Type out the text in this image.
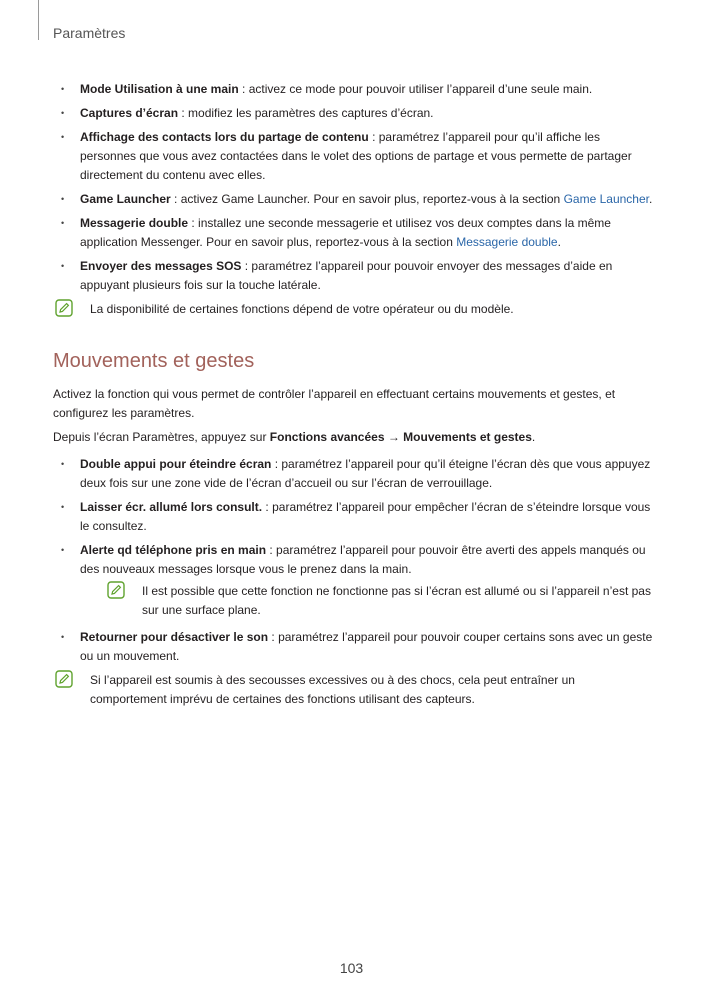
Paramètres
• Mode Utilisation à une main : activez ce mode pour pouvoir utiliser l’appareil d’une seule main.
• Captures d’écran : modifiez les paramètres des captures d’écran.
• Affichage des contacts lors du partage de contenu : paramétrez l’appareil pour qu’il affiche les personnes que vous avez contactées dans le volet des options de partage et vous permette de partager directement du contenu avec elles.
• Game Launcher : activez Game Launcher. Pour en savoir plus, reportez-vous à la section Game Launcher.
• Messagerie double : installez une seconde messagerie et utilisez vos deux comptes dans la même application Messenger. Pour en savoir plus, reportez-vous à la section Messagerie double.
• Envoyer des messages SOS : paramétrez l’appareil pour pouvoir envoyer des messages d’aide en appuyant plusieurs fois sur la touche latérale.
La disponibilité de certaines fonctions dépend de votre opérateur ou du modèle.
Mouvements et gestes

Activez la fonction qui vous permet de contrôler l’appareil en effectuant certains mouvements et gestes, et configurez les paramètres.

Depuis l’écran Paramètres, appuyez sur Fonctions avancées → Mouvements et gestes.

• Double appui pour éteindre écran : paramétrez l’appareil pour qu’il éteigne l’écran dès que vous appuyez deux fois sur une zone vide de l’écran d’accueil ou sur l’écran de verrouillage.
• Laisser écr. allumé lors consult. : paramétrez l’appareil pour empêcher l’écran de s’éteindre lorsque vous le consultez.
• Alerte qd téléphone pris en main : paramétrez l’appareil pour pouvoir être averti des appels manqués ou des nouveaux messages lorsque vous le prenez dans la main.
Il est possible que cette fonction ne fonctionne pas si l’écran est allumé ou si l’appareil n’est pas sur une surface plane.
• Retourner pour désactiver le son : paramétrez l’appareil pour pouvoir couper certains sons avec un geste ou un mouvement.
Si l’appareil est soumis à des secousses excessives ou à des chocs, cela peut entraîner un comportement imprévu de certaines des fonctions utilisant des capteurs.
103
